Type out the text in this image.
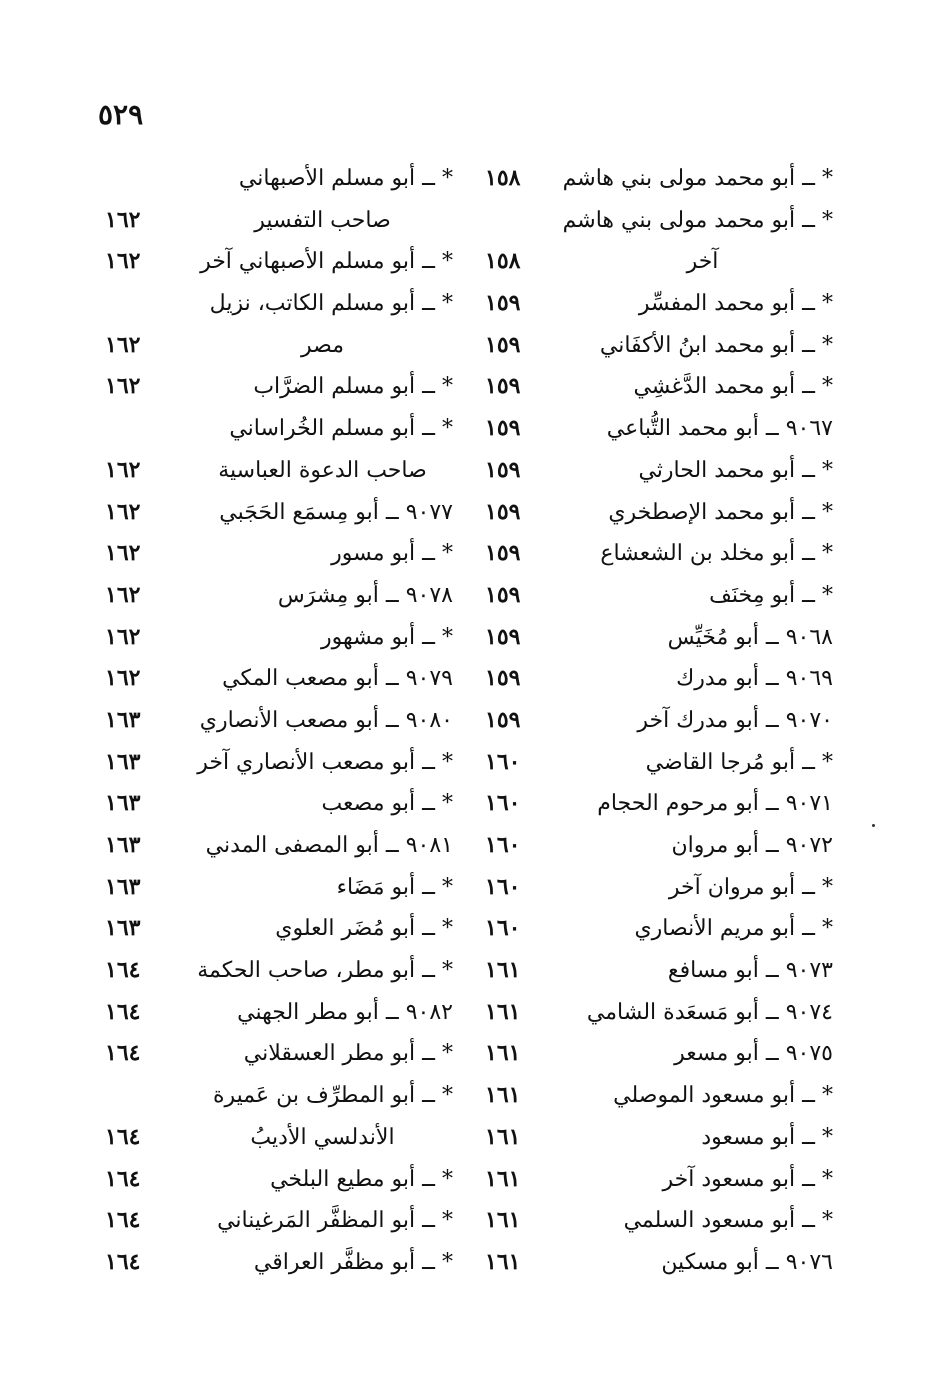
٥٢٩
* ــ أبو محمد مولى بني هاشم
١٥٨
* ــ أبو محمد مولى بني هاشم
آخر
١٥٨
* ــ أبو محمد المفسِّر
١٥٩
* ــ أبو محمد ابنُ الأكفَاني
١٥٩
* ــ أبو محمد الدَّغشِي
١٥٩
٩٠٦٧ ــ أبو محمد التُّباعي
١٥٩
* ــ أبو محمد الحارثي
١٥٩
* ــ أبو محمد الإصطخري
١٥٩
* ــ أبو مخلد بن الشعشاع
١٥٩
* ــ أبو مِخنَف
١٥٩
٩٠٦٨ ــ أبو مُخَيِّس
١٥٩
٩٠٦٩ ــ أبو مدرك
١٥٩
٩٠٧٠ ــ أبو مدرك آخر
١٥٩
* ــ أبو مُرجا القاضي
١٦٠
٩٠٧١ ــ أبو مرحوم الحجام
١٦٠
٩٠٧٢ ــ أبو مروان
١٦٠
* ــ أبو مروان آخر
١٦٠
* ــ أبو مريم الأنصاري
١٦٠
٩٠٧٣ ــ أبو مسافع
١٦١
٩٠٧٤ ــ أبو مَسعَدة الشامي
١٦١
٩٠٧٥ ــ أبو مسعر
١٦١
* ــ أبو مسعود الموصلي
١٦١
* ــ أبو مسعود
١٦١
* ــ أبو مسعود آخر
١٦١
* ــ أبو مسعود السلمي
١٦١
٩٠٧٦ ــ أبو مسكين
١٦١
* ــ أبو مسلم الأصبهاني
صاحب التفسير
١٦٢
* ــ أبو مسلم الأصبهاني آخر
١٦٢
* ــ أبو مسلم الكاتب، نزيل
مصر
١٦٢
* ــ أبو مسلم الضرَّاب
١٦٢
* ــ أبو مسلم الخُراساني
صاحب الدعوة العباسية
١٦٢
٩٠٧٧ ــ أبو مِسمَع الحَجَبي
١٦٢
* ــ أبو مسور
١٦٢
٩٠٧٨ ــ أبو مِشرَس
١٦٢
* ــ أبو مشهور
١٦٢
٩٠٧٩ ــ أبو مصعب المكي
١٦٢
٩٠٨٠ ــ أبو مصعب الأنصاري
١٦٣
* ــ أبو مصعب الأنصاري آخر
١٦٣
* ــ أبو مصعب
١٦٣
٩٠٨١ ــ أبو المصفى المدني
١٦٣
* ــ أبو مَضَاء
١٦٣
* ــ أبو مُضَر العلوي
١٦٣
* ــ أبو مطر، صاحب الحكمة
١٦٤
٩٠٨٢ ــ أبو مطر الجهني
١٦٤
* ــ أبو مطر العسقلاني
١٦٤
* ــ أبو المطرِّف بن عَميرة
الأندلسي الأديبُ
١٦٤
* ــ أبو مطيع البلخي
١٦٤
* ــ أبو المظفَّر المَرغيناني
١٦٤
* ــ أبو مظفَّر العراقي
١٦٤
